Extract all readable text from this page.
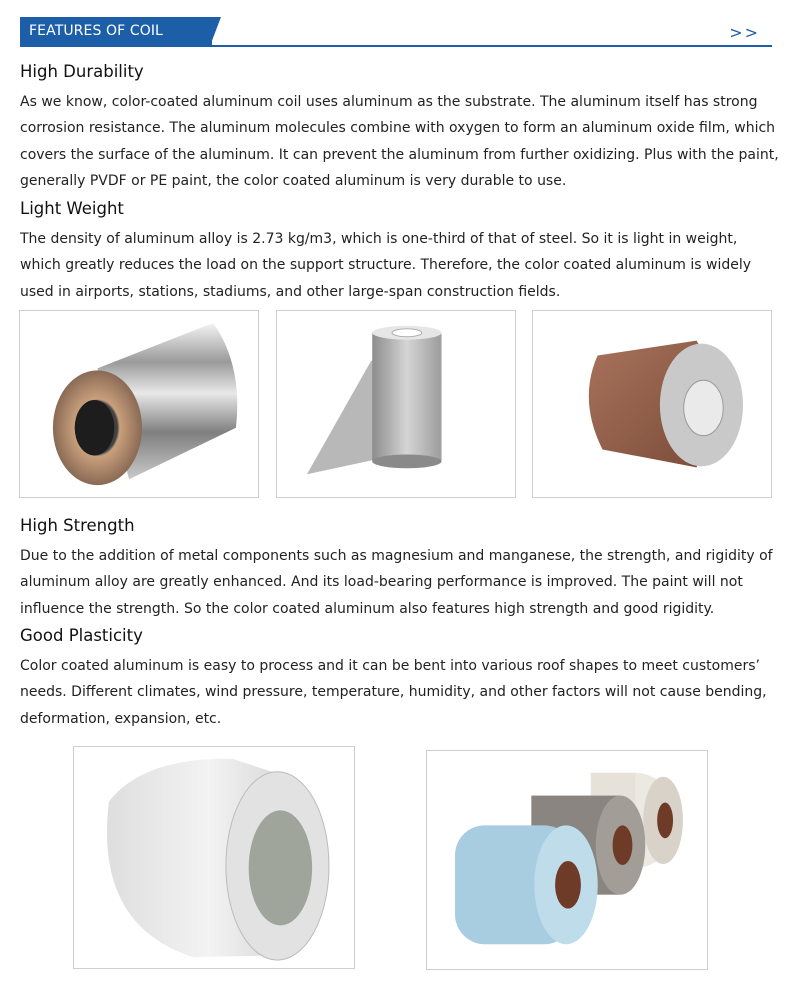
FEATURES OF COIL	>>
High Durability

As we know, color-coated aluminum coil uses aluminum as the substrate. The aluminum itself has strong corrosion resistance. The aluminum molecules combine with oxygen to form an aluminum oxide film, which covers the surface of the aluminum. It can prevent the aluminum from further oxidizing. Plus with the paint, generally PVDF or PE paint, the color coated aluminum is very durable to use.

Light Weight

The density of aluminum alloy is 2.73 kg/m3, which is one-third of that of steel. So it is light in weight, which greatly reduces the load on the support structure. Therefore, the color coated aluminum is widely used in airports, stations, stadiums, and other large-span construction fields.

High Strength

Due to the addition of metal components such as magnesium and manganese, the strength, and rigidity of aluminum alloy are greatly enhanced. And its load-bearing performance is improved. The paint will not influence the strength. So the color coated aluminum also features high strength and good rigidity.

Good Plasticity

Color coated aluminum is easy to process and it can be bent into various roof shapes to meet customers’ needs. Different climates, wind pressure, temperature, humidity, and other factors will not cause bending, deformation, expansion, etc.
